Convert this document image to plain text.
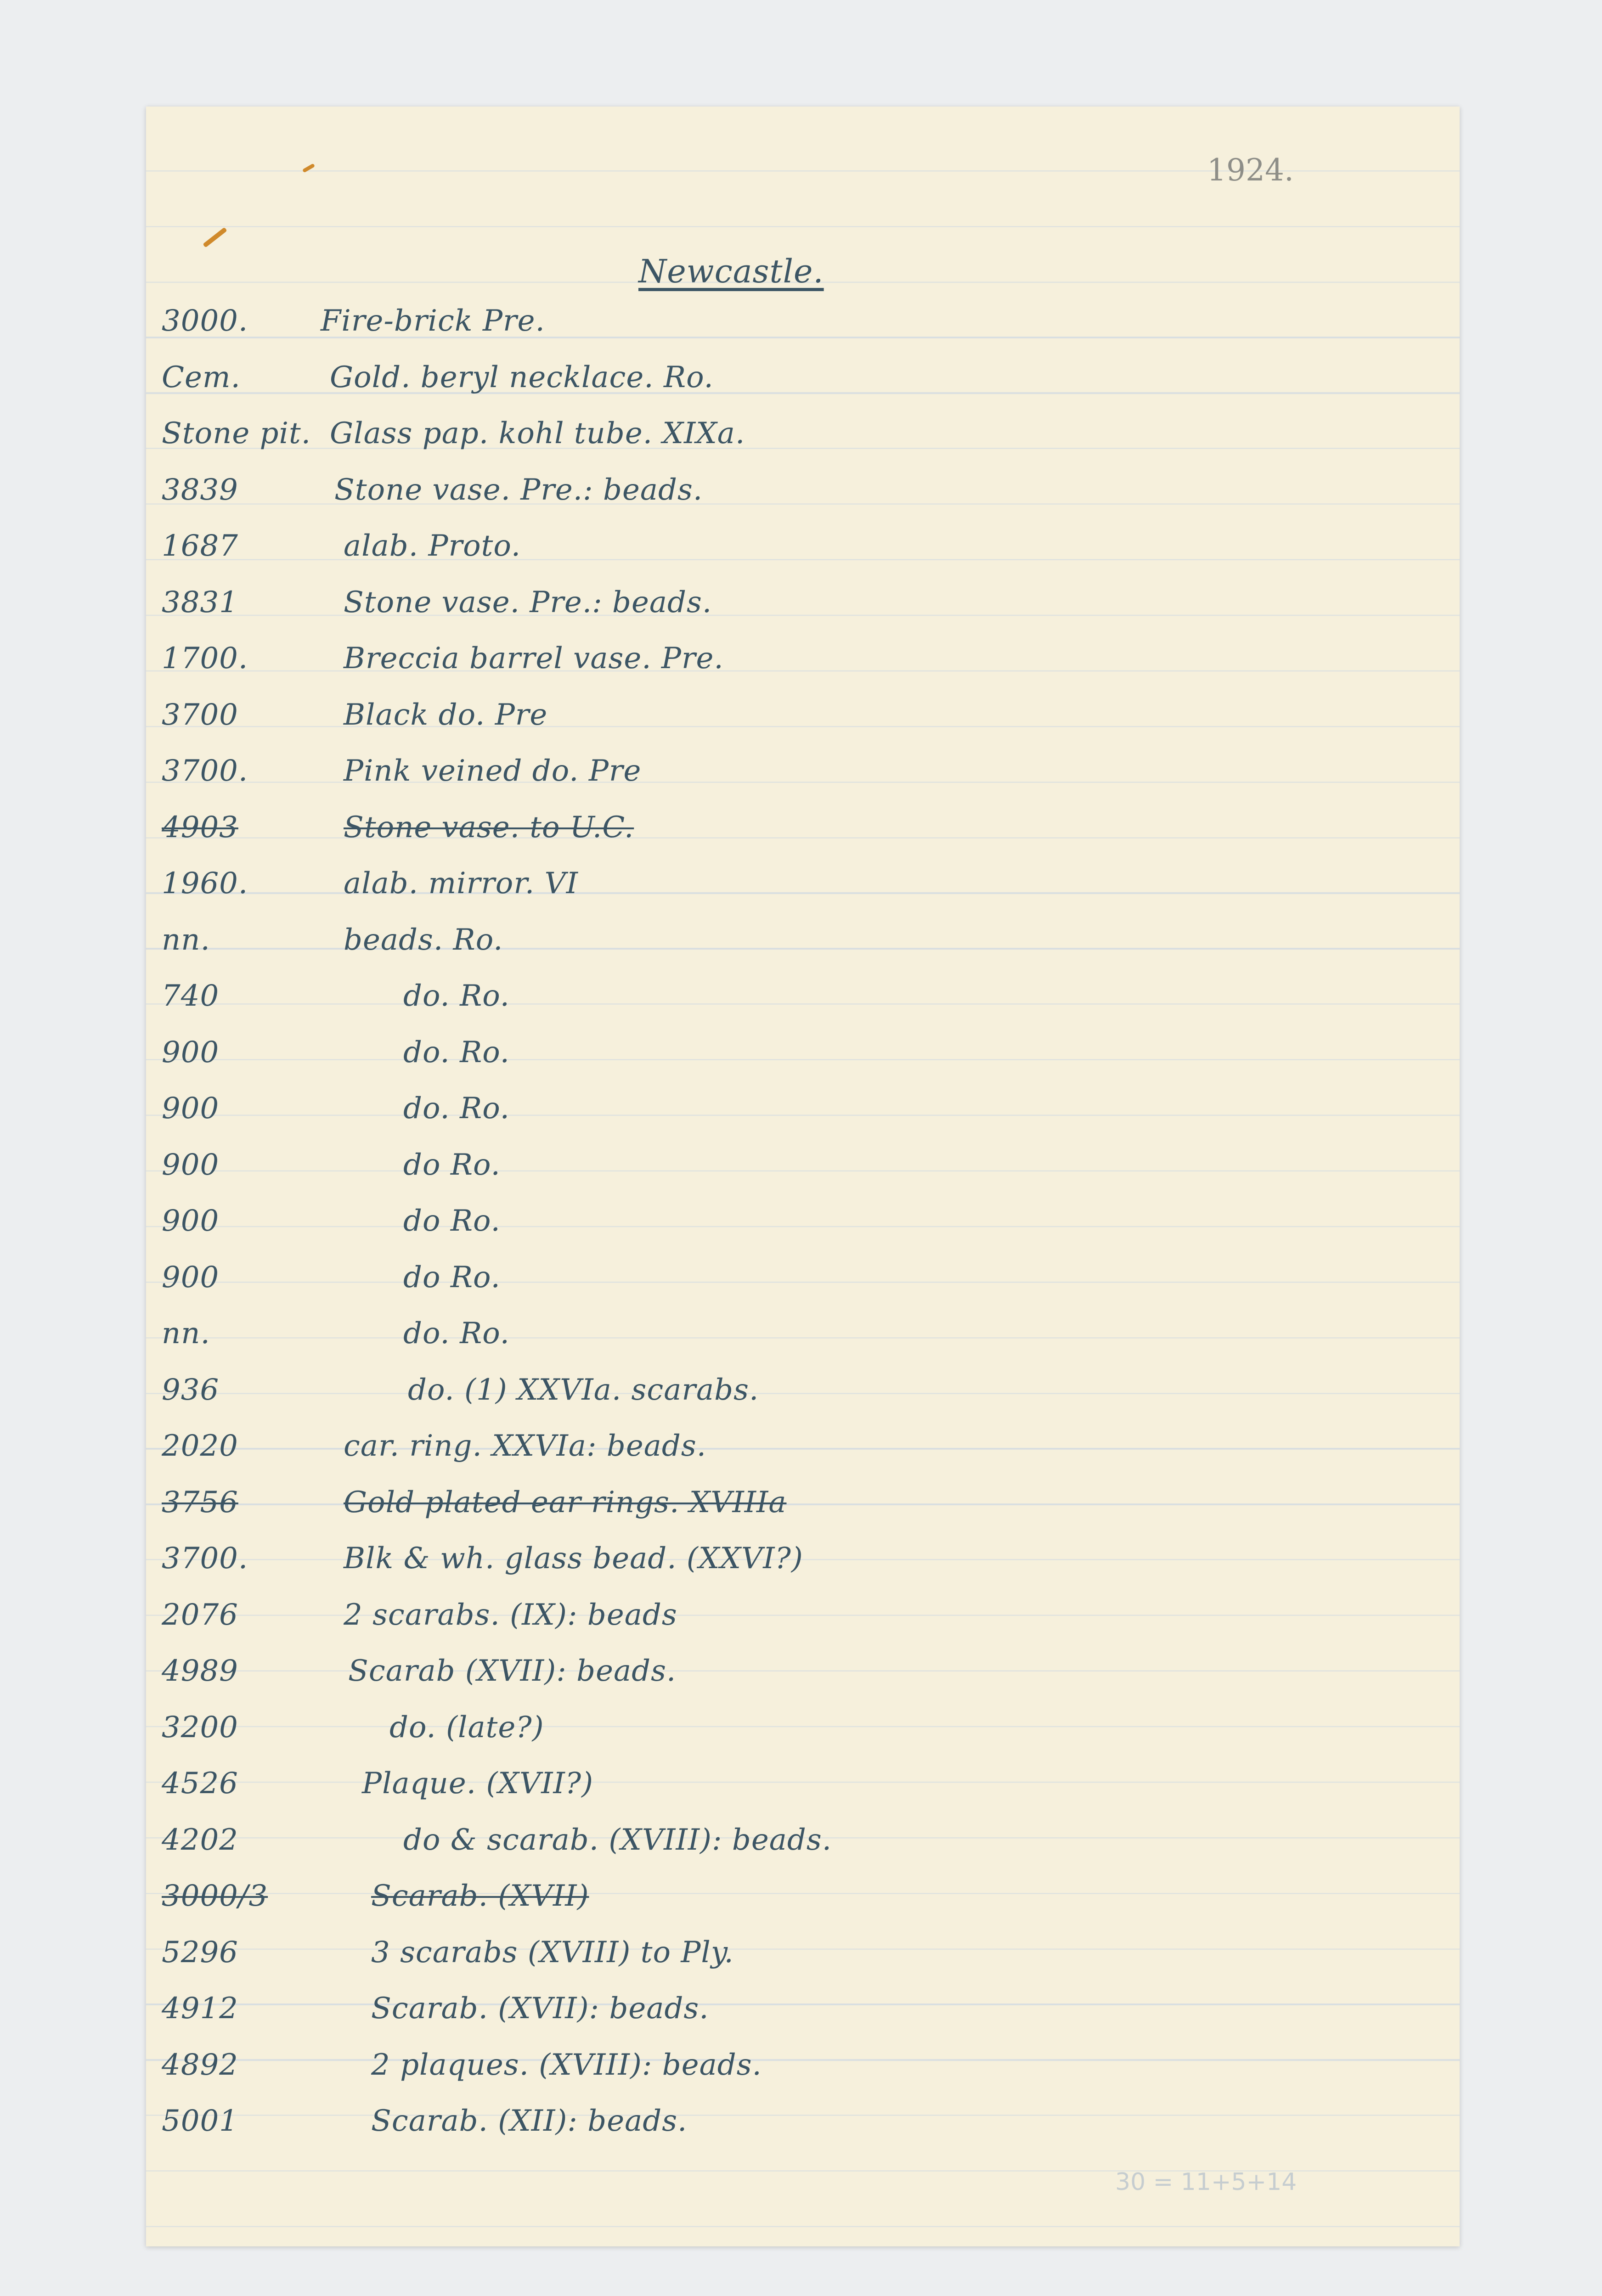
1924.
Newcastle.
3000.	Fire-brick Pre.
Cem.	Gold. beryl necklace. Ro.
Stone pit. Glass pap. kohl tube. XIXa.
3839	Stone vase. Pre.: beads.
1687	alab. Proto.
3831	Stone vase. Pre.: beads.
1700.	Breccia barrel vase. Pre.
3700	Black do. Pre
3700.	Pink veined do. Pre
4903	Stone vase. to U.C.
1960.	alab. mirror. VI
nn.	beads. Ro.
740	do. Ro.
900	do. Ro.
900	do. Ro.
900	do Ro.
900	do Ro.
900	do Ro.
nn.	do. Ro.
936	do. (1) XXVIa. scarabs.
2020	car. ring. XXVIa: beads.
3756	Gold plated ear rings. XVIIIa
3700.	Blk & wh. glass bead. (XXVI?)
2076	2 scarabs. (IX): beads
4989	Scarab (XVII): beads.
3200	do. (late?)
4526	Plaque. (XVII?)
4202	do & scarab. (XVIII): beads.
3000/3	Scarab. (XVII)
5296	3 scarabs (XVIII) to Ply.
4912	Scarab. (XVII): beads.
4892	2 plaques. (XVIII): beads.
5001	Scarab. (XII): beads.
30 = 11+5+14
